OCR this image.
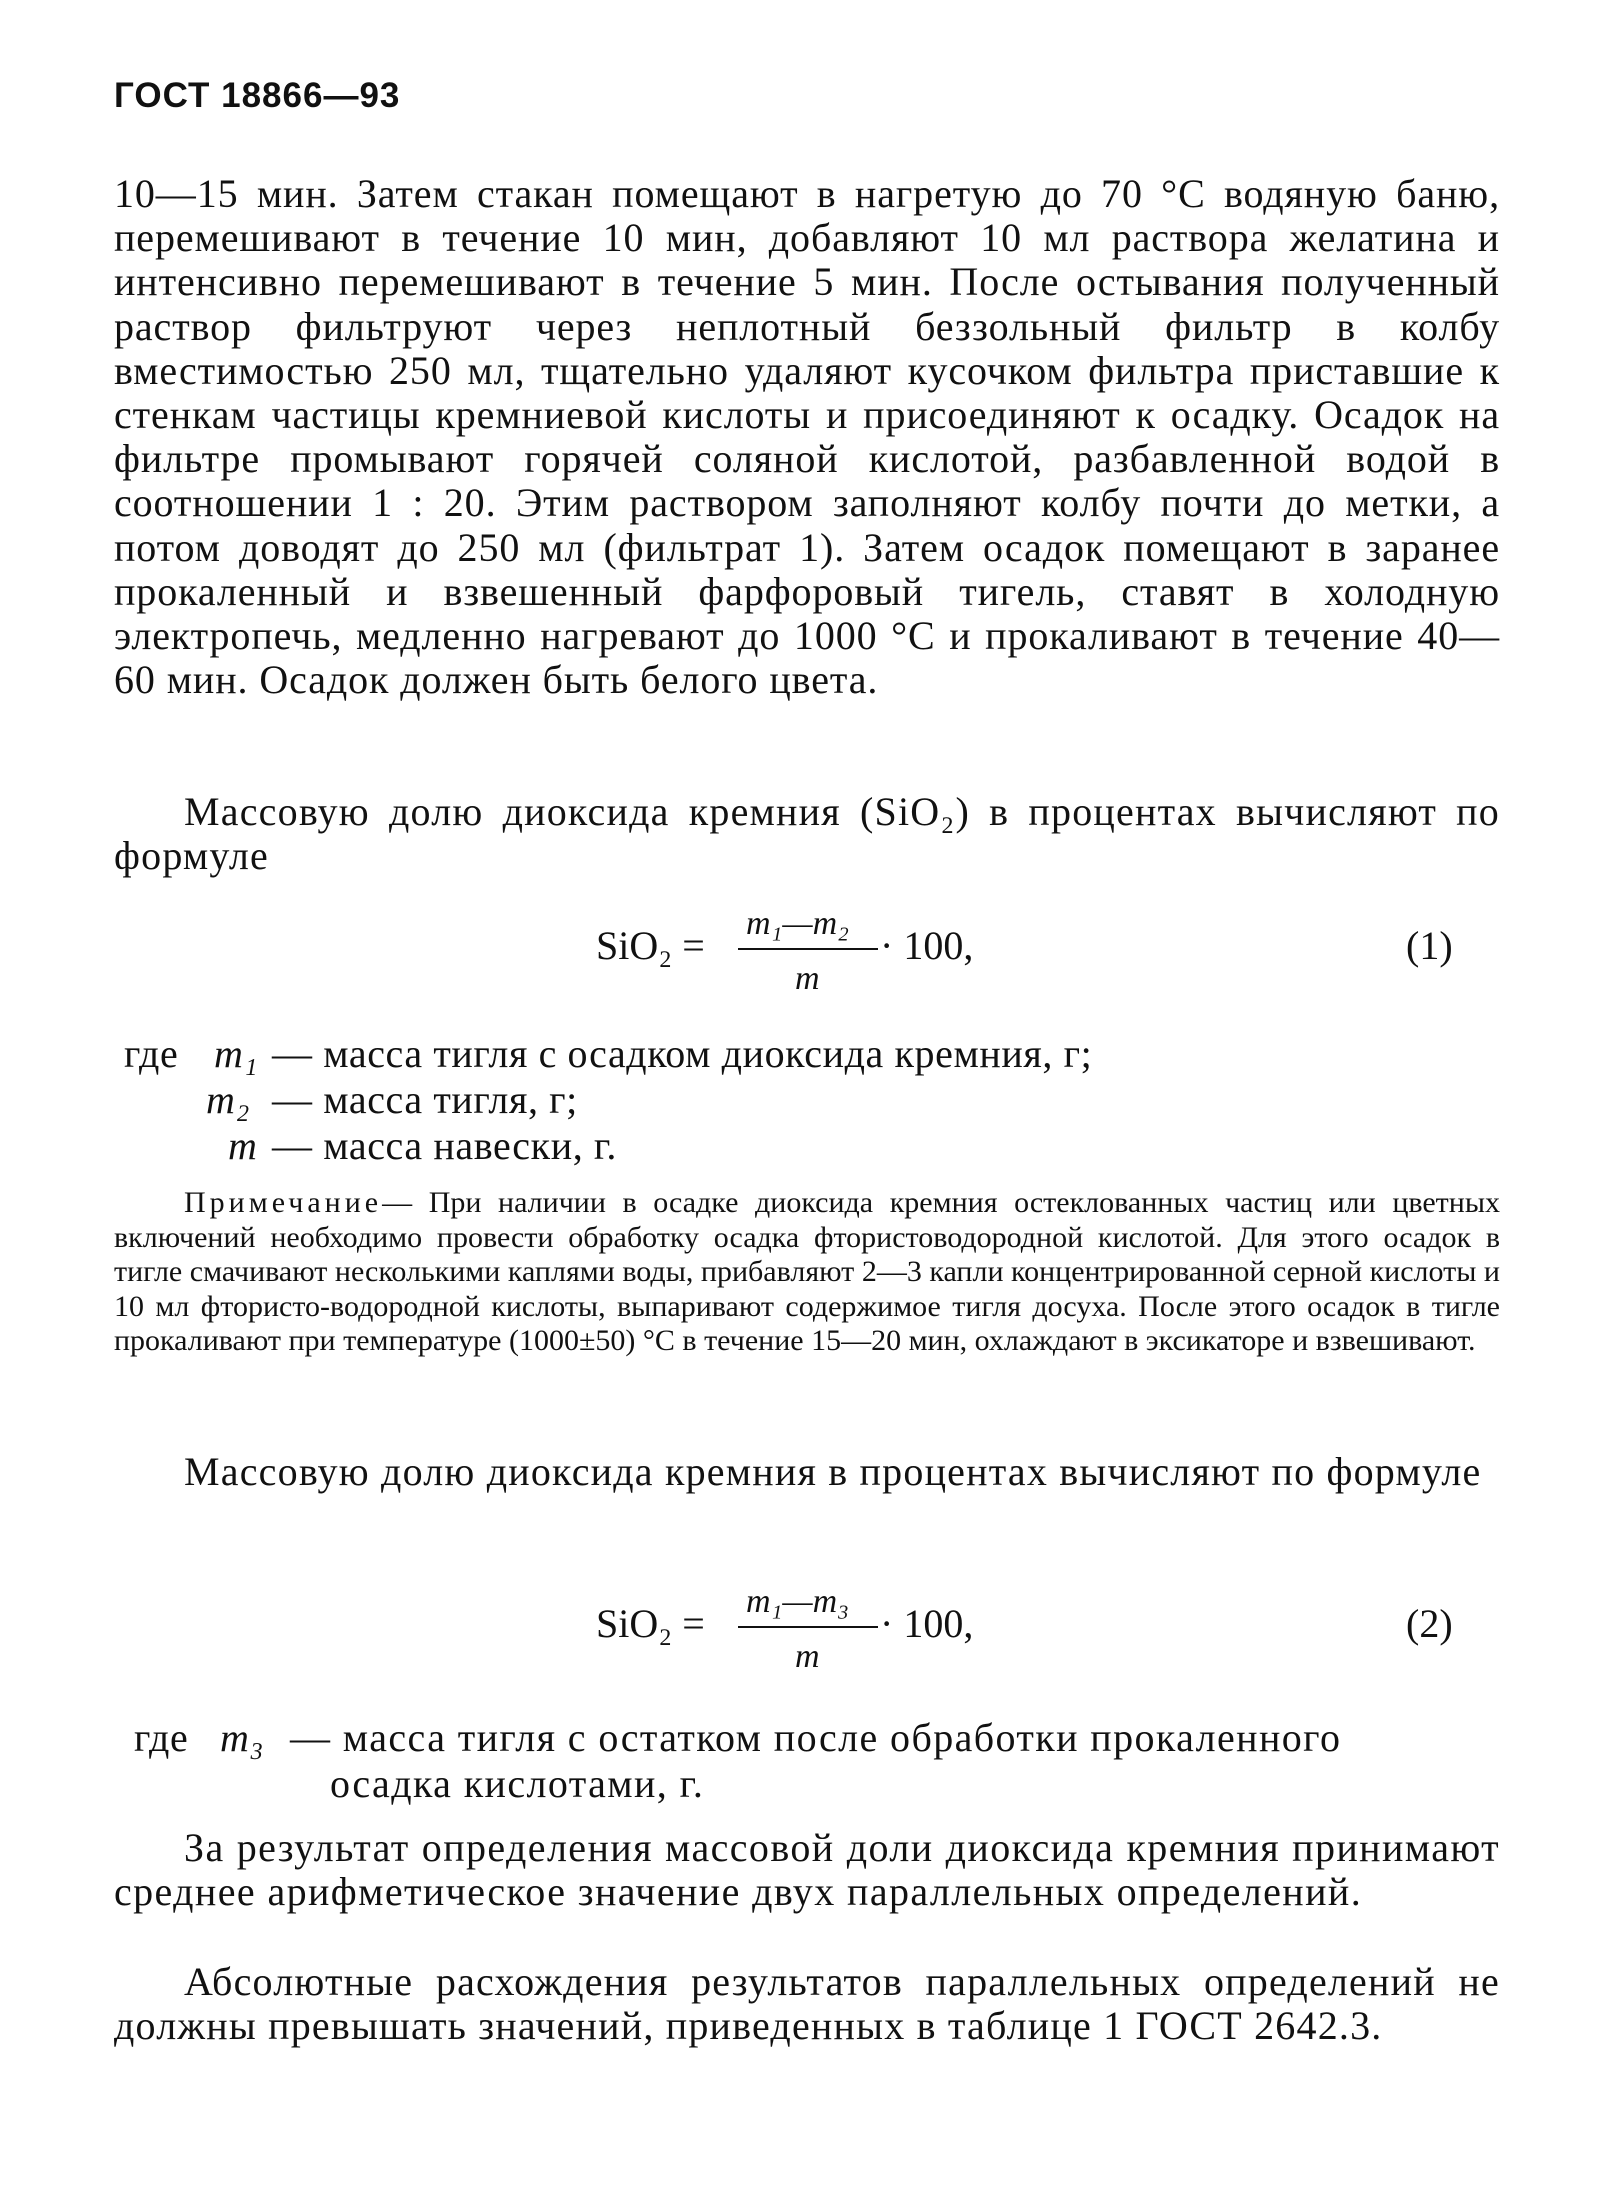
ГОСТ 18866—93
10—15 мин. Затем стакан помещают в нагретую до 70 °С водяную баню, перемешивают в течение 10 мин, добавляют 10 мл раствора желатина и интенсивно перемешивают в течение 5 мин. После остывания полученный раствор фильтруют через неплотный беззольный фильтр в колбу вместимостью 250 мл, тщательно удаляют кусочком фильтра приставшие к стенкам частицы кремниевой кислоты и присоединяют к осадку. Осадок на фильтре промывают горячей соляной кислотой, разбавленной водой в соотношении 1 : 20. Этим раствором заполняют колбу почти до метки, а потом доводят до 250 мл (фильтрат 1). Затем осадок помещают в заранее прокаленный и взвешенный фарфоровый тигель, ставят в холодную электропечь, медленно нагревают до 1000 °С и прокаливают в течение 40—60 мин. Осадок должен быть белого цвета.
Массовую долю диоксида кремния (SiO₂) в процентах вычисляют по формуле
SiO₂ = m₁—m₂
m
· 100,	(1)
где m₁ — масса тигля с осадком диоксида кремния, г;
m₂ — масса тигля, г;
m — масса навески, г.
Примечание— При наличии в осадке диоксида кремния остеклованных частиц или цветных включений необходимо провести обработку осадка фтористоводородной кислотой. Для этого осадок в тигле смачивают несколькими каплями воды, прибавляют 2—3 капли концентрированной серной кислоты и 10 мл фтористо-водородной кислоты, выпаривают содержимое тигля досуха. После этого осадок в тигле прокаливают при температуре (1000±50) °С в течение 15—20 мин, охлаждают в эксикаторе и взвешивают.
Массовую долю диоксида кремния в процентах вычисляют по формуле
SiO₂ = m₁—m₃
m
· 100,	(2)
где m₃ — масса тигля с остатком после обработки прокаленного
осадка кислотами, г.
За результат определения массовой доли диоксида кремния принимают среднее арифметическое значение двух параллельных определений.
Абсолютные расхождения результатов параллельных определений не должны превышать значений, приведенных в таблице 1 ГОСТ 2642.3.
